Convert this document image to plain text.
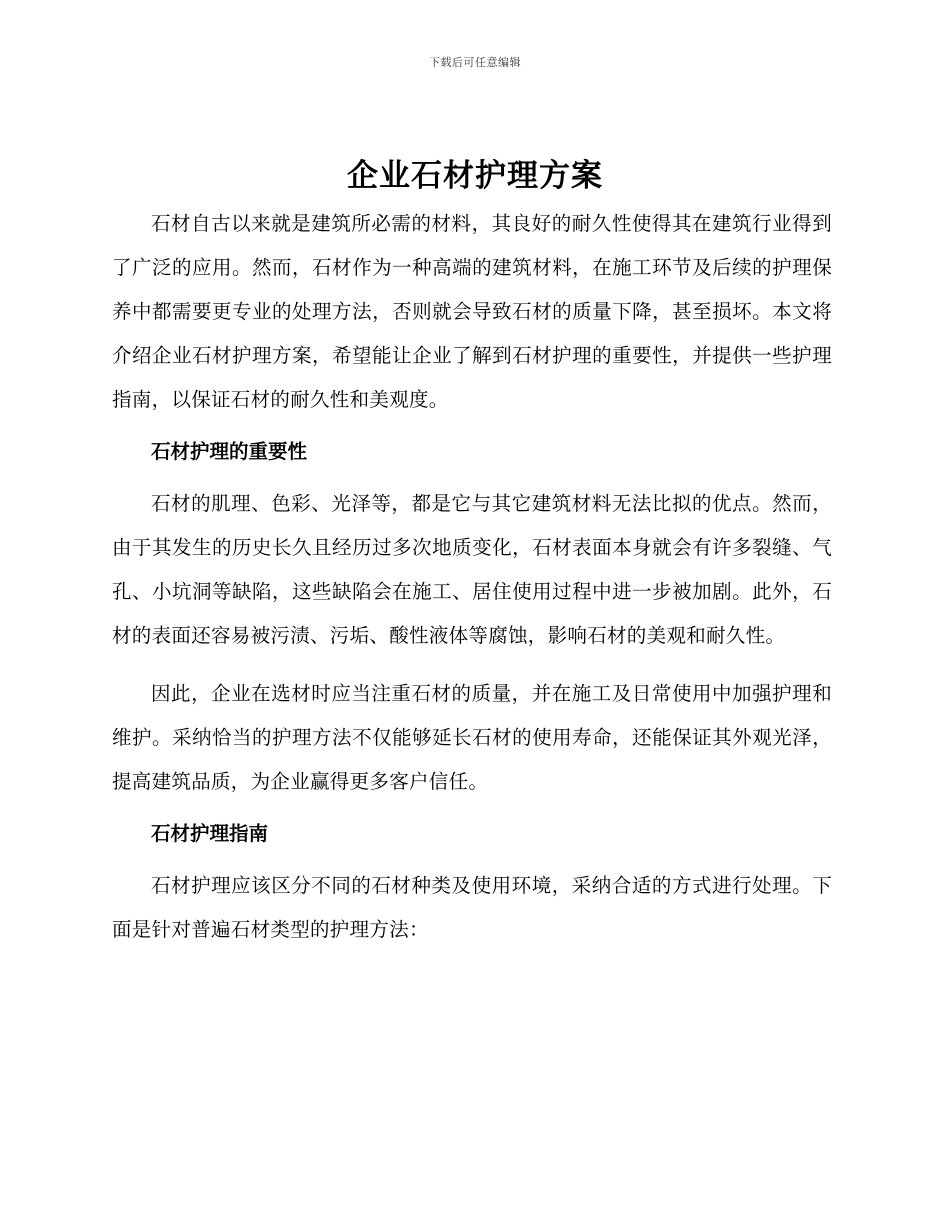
下载后可任意编辑
企业石材护理方案

石材自古以来就是建筑所必需的材料，其良好的耐久性使得其在建筑行业得到了广泛的应用。然而，石材作为一种高端的建筑材料，在施工环节及后续的护理保养中都需要更专业的处理方法，否则就会导致石材的质量下降，甚至损坏。本文将介绍企业石材护理方案，希望能让企业了解到石材护理的重要性，并提供一些护理指南，以保证石材的耐久性和美观度。

石材护理的重要性

石材的肌理、色彩、光泽等，都是它与其它建筑材料无法比拟的优点。然而，由于其发生的历史长久且经历过多次地质变化，石材表面本身就会有许多裂缝、气孔、小坑洞等缺陷，这些缺陷会在施工、居住使用过程中进一步被加剧。此外，石材的表面还容易被污渍、污垢、酸性液体等腐蚀，影响石材的美观和耐久性。

因此，企业在选材时应当注重石材的质量，并在施工及日常使用中加强护理和维护。采纳恰当的护理方法不仅能够延长石材的使用寿命，还能保证其外观光泽，提高建筑品质，为企业赢得更多客户信任。

石材护理指南

石材护理应该区分不同的石材种类及使用环境，采纳合适的方式进行处理。下面是针对普遍石材类型的护理方法：
